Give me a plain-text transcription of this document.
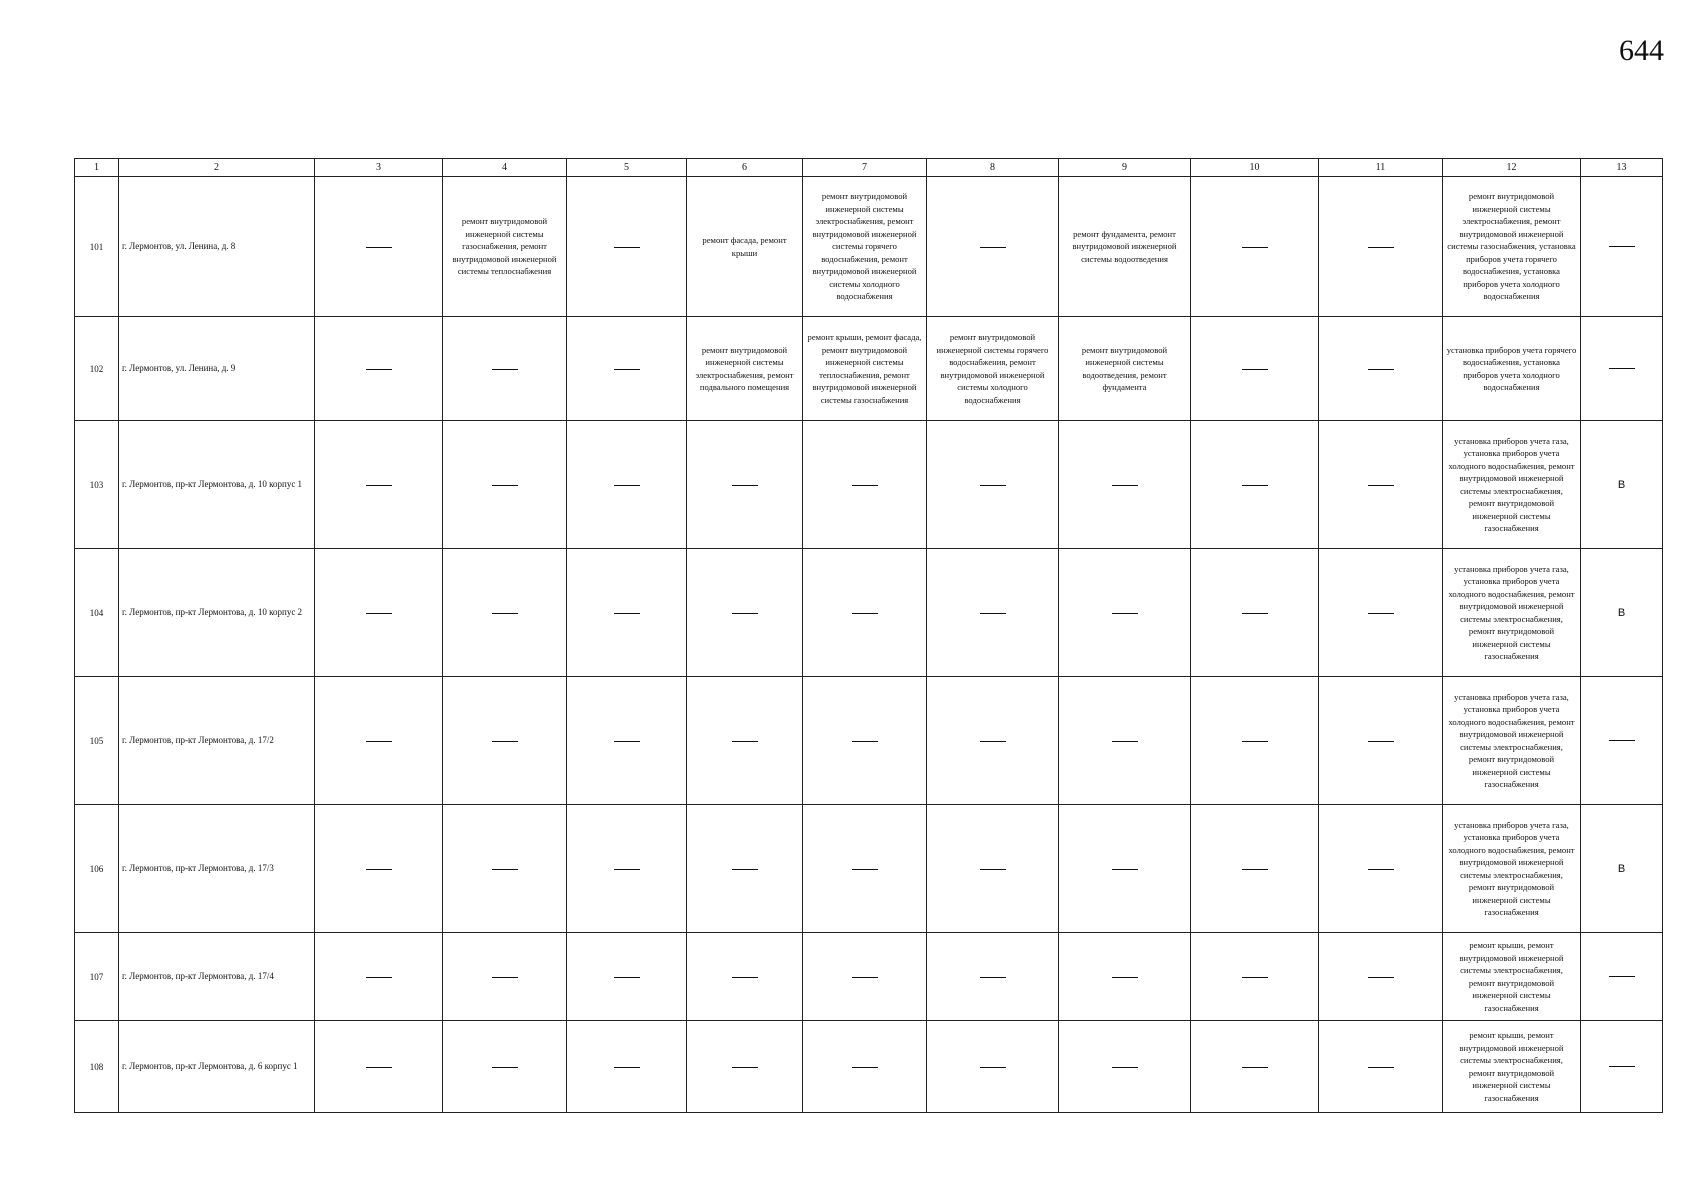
644
1	2	3	4	5	6	7	8	9	10	11	12	13
101	г. Лермонтов, ул. Ленина, д. 8		ремонт внутридомовой инженерной системы газоснабжения, ремонт внутридомовой инженерной системы теплоснабжения		ремонт фасада, ремонт крыши	ремонт внутридомовой инженерной системы электроснабжения, ремонт внутридомовой инженерной системы горячего водоснабжения, ремонт внутридомовой инженерной системы холодного водоснабжения		ремонт фундамента, ремонт внутридомовой инженерной системы водоотведения			ремонт внутридомовой инженерной системы электроснабжения, ремонт внутридомовой инженерной системы газоснабжения, установка приборов учета горячего водоснабжения, установка приборов учета холодного водоснабжения	
102	г. Лермонтов, ул. Ленина, д. 9				ремонт внутридомовой инженерной системы электроснабжения, ремонт подвального помещения	ремонт крыши, ремонт фасада, ремонт внутридомовой инженерной системы теплоснабжения, ремонт внутридомовой инженерной системы газоснабжения	ремонт внутридомовой инженерной системы горячего водоснабжения, ремонт внутридомовой инженерной системы холодного водоснабжения	ремонт внутридомовой инженерной системы водоотведения, ремонт фундамента			установка приборов учета горячего водоснабжения, установка приборов учета холодного водоснабжения	
103	г. Лермонтов, пр-кт Лермонтова, д. 10 корпус 1										установка приборов учета газа, установка приборов учета холодного водоснабжения, ремонт внутридомовой инженерной системы электроснабжения, ремонт внутридомовой инженерной системы газоснабжения	В
104	г. Лермонтов, пр-кт Лермонтова, д. 10 корпус 2										установка приборов учета газа, установка приборов учета холодного водоснабжения, ремонт внутридомовой инженерной системы электроснабжения, ремонт внутридомовой инженерной системы газоснабжения	В
105	г. Лермонтов, пр-кт Лермонтова, д. 17/2										установка приборов учета газа, установка приборов учета холодного водоснабжения, ремонт внутридомовой инженерной системы электроснабжения, ремонт внутридомовой инженерной системы газоснабжения	
106	г. Лермонтов, пр-кт Лермонтова, д. 17/3										установка приборов учета газа, установка приборов учета холодного водоснабжения, ремонт внутридомовой инженерной системы электроснабжения, ремонт внутридомовой инженерной системы газоснабжения	В
107	г. Лермонтов, пр-кт Лермонтова, д. 17/4										ремонт крыши, ремонт внутридомовой инженерной системы электроснабжения, ремонт внутридомовой инженерной системы газоснабжения	
108	г. Лермонтов, пр-кт Лермонтова, д. 6 корпус 1										ремонт крыши, ремонт внутридомовой инженерной системы электроснабжения, ремонт внутридомовой инженерной системы газоснабжения	
